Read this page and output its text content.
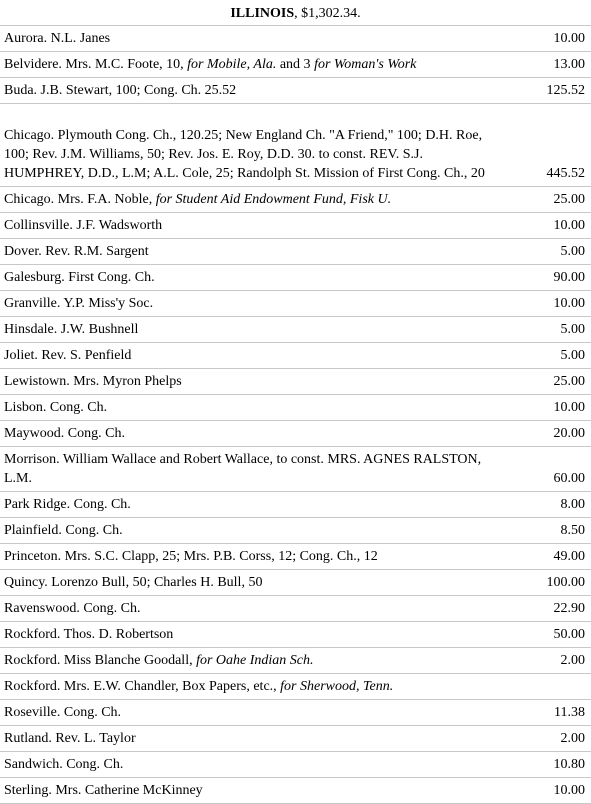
ILLINOIS, $1,302.34.
Aurora. N.L. Janes	10.00
Belvidere. Mrs. M.C. Foote, 10, for Mobile, Ala. and 3 for Woman's Work	13.00
Buda. J.B. Stewart, 100; Cong. Ch. 25.52	125.52
Chicago. Plymouth Cong. Ch., 120.25; New England Ch. "A Friend," 100; D.H. Roe, 100; Rev. J.M. Williams, 50; Rev. Jos. E. Roy, D.D. 30. to const. REV. S.J. HUMPHREY, D.D., L.M; A.L. Cole, 25; Randolph St. Mission of First Cong. Ch., 20	445.52
Chicago. Mrs. F.A. Noble, for Student Aid Endowment Fund, Fisk U.	25.00
Collinsville. J.F. Wadsworth	10.00
Dover. Rev. R.M. Sargent	5.00
Galesburg. First Cong. Ch.	90.00
Granville. Y.P. Miss'y Soc.	10.00
Hinsdale. J.W. Bushnell	5.00
Joliet. Rev. S. Penfield	5.00
Lewistown. Mrs. Myron Phelps	25.00
Lisbon. Cong. Ch.	10.00
Maywood. Cong. Ch.	20.00
Morrison. William Wallace and Robert Wallace, to const. MRS. AGNES RALSTON, L.M.	60.00
Park Ridge. Cong. Ch.	8.00
Plainfield. Cong. Ch.	8.50
Princeton. Mrs. S.C. Clapp, 25; Mrs. P.B. Corss, 12; Cong. Ch., 12	49.00
Quincy. Lorenzo Bull, 50; Charles H. Bull, 50	100.00
Ravenswood. Cong. Ch.	22.90
Rockford. Thos. D. Robertson	50.00
Rockford. Miss Blanche Goodall, for Oahe Indian Sch.	2.00
Rockford. Mrs. E.W. Chandler, Box Papers, etc., for Sherwood, Tenn.	
Roseville. Cong. Ch.	11.38
Rutland. Rev. L. Taylor	2.00
Sandwich. Cong. Ch.	10.80
Sterling. Mrs. Catherine McKinney	10.00
